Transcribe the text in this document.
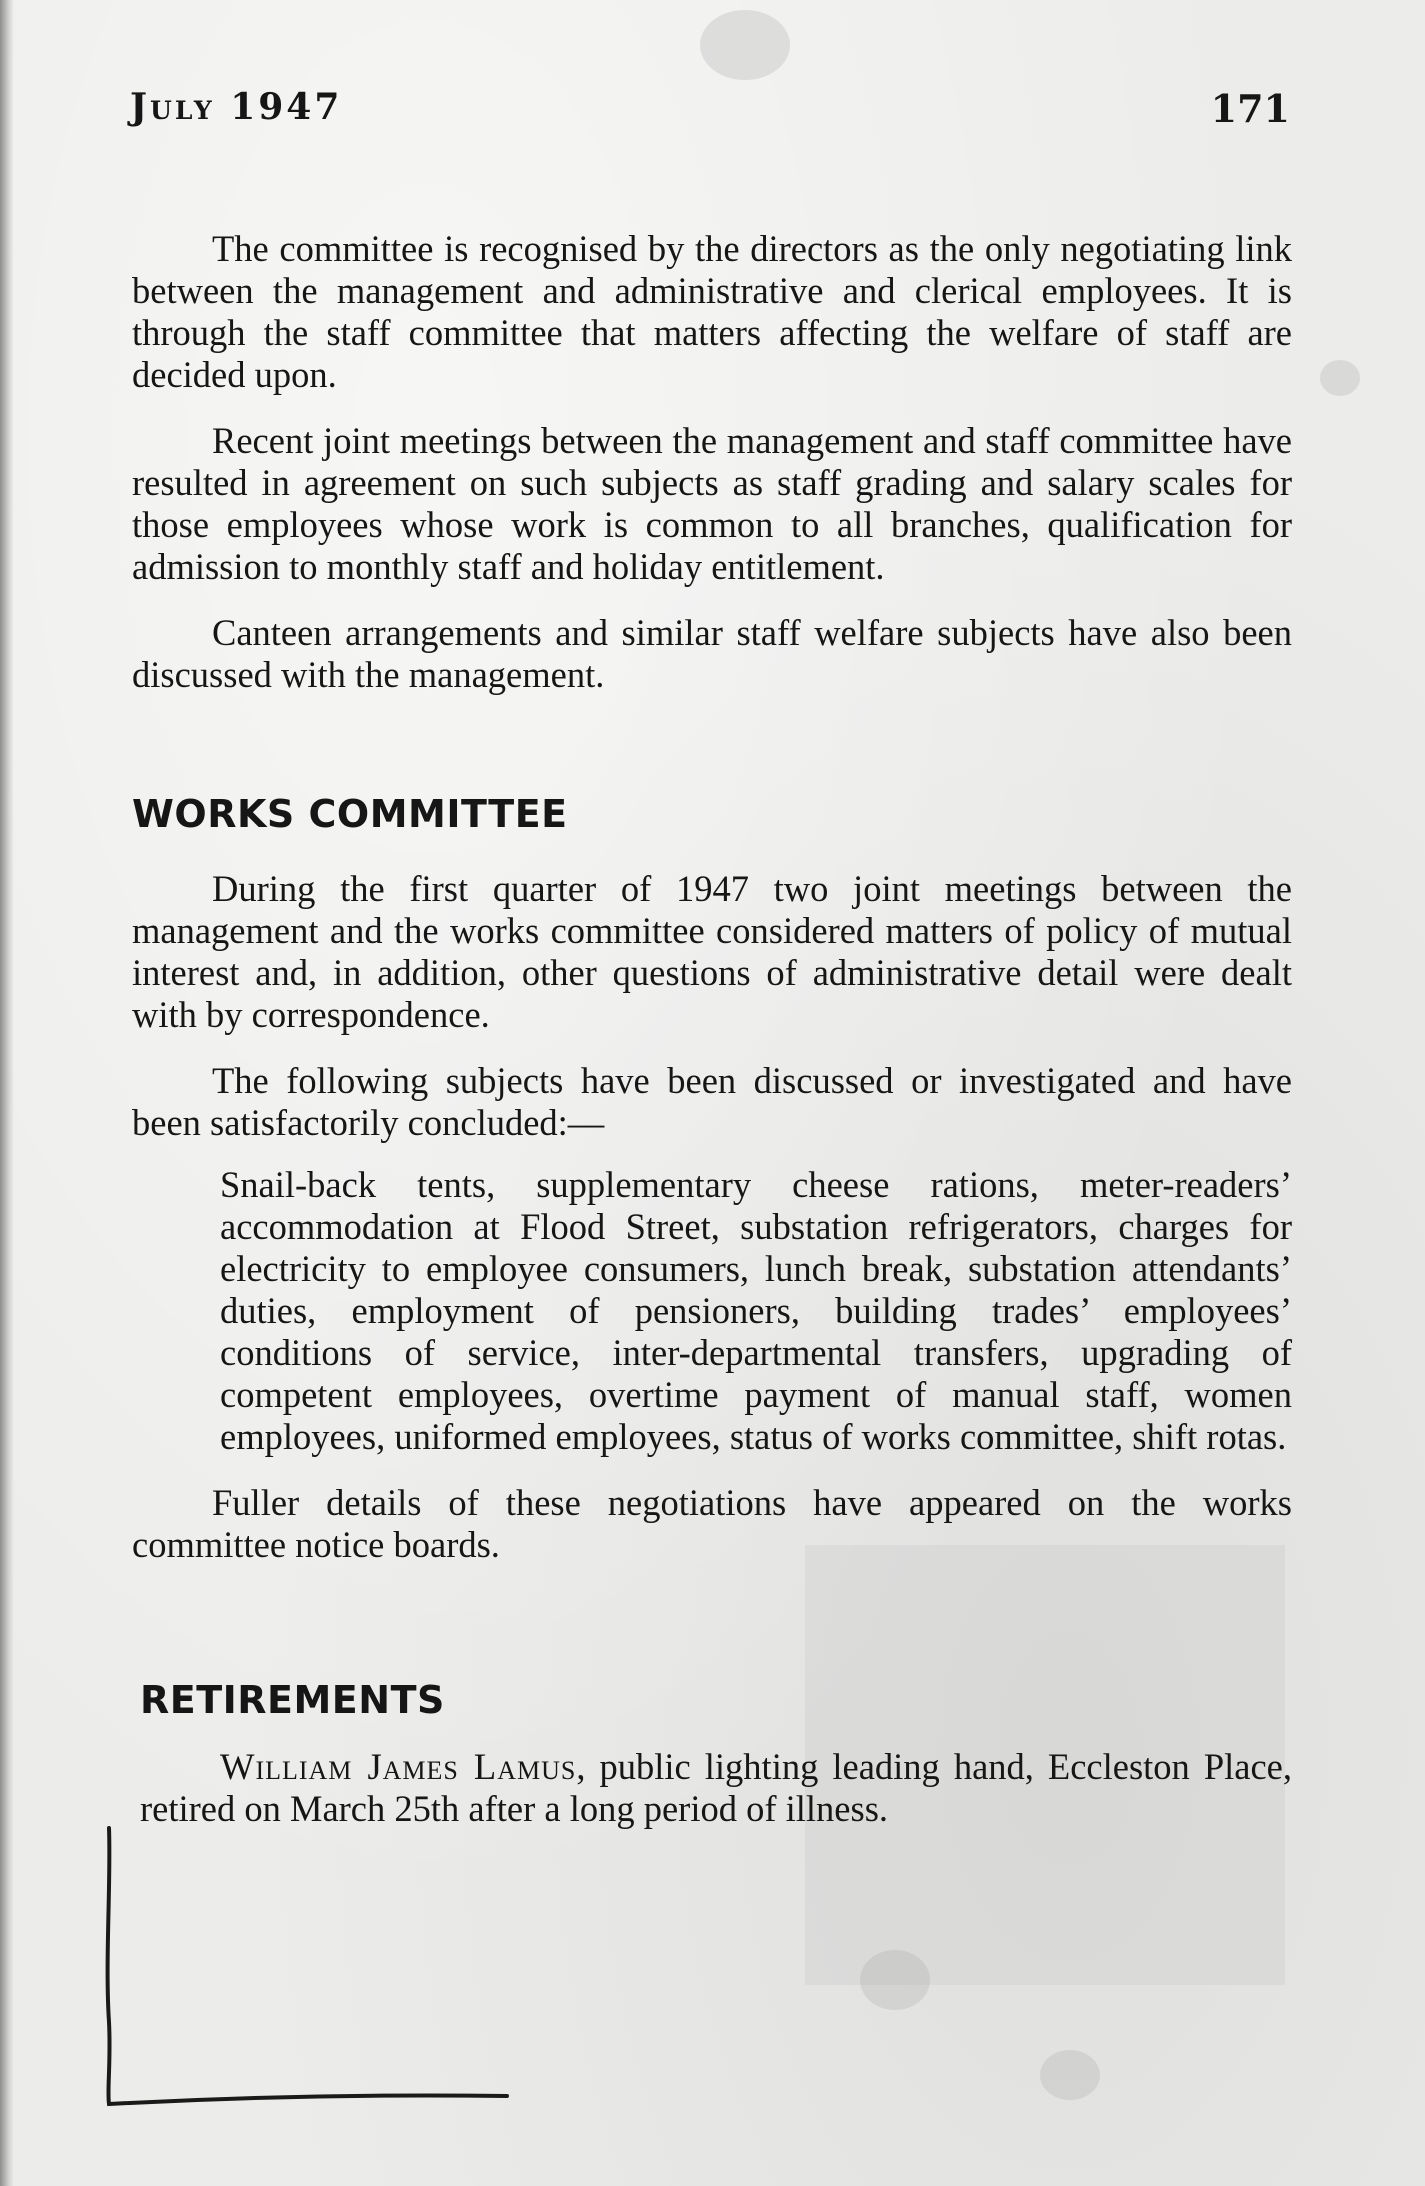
July 1947	171

The committee is recognised by the directors as the only negotiating link between the management and administrative and clerical employees. It is through the staff committee that matters affecting the welfare of staff are decided upon.

Recent joint meetings between the management and staff committee have resulted in agreement on such subjects as staff grading and salary scales for those employees whose work is common to all branches, qualification for admission to monthly staff and holiday entitlement.

Canteen arrangements and similar staff welfare subjects have also been discussed with the management.

WORKS COMMITTEE

During the first quarter of 1947 two joint meetings between the management and the works committee considered matters of policy of mutual interest and, in addition, other questions of administrative detail were dealt with by correspondence.

The following subjects have been discussed or investigated and have been satisfactorily concluded:—

Snail-back tents, supplementary cheese rations, meter-readers’ accommodation at Flood Street, substation refrigerators, charges for electricity to employee consumers, lunch break, substation attendants’ duties, employment of pensioners, building trades’ employees’ conditions of service, inter-departmental transfers, upgrading of competent employees, overtime payment of manual staff, women employees, uniformed employees, status of works committee, shift rotas.

Fuller details of these negotiations have appeared on the works committee notice boards.

RETIREMENTS

William James Lamus, public lighting leading hand, Eccleston Place, retired on March 25th after a long period of illness.
